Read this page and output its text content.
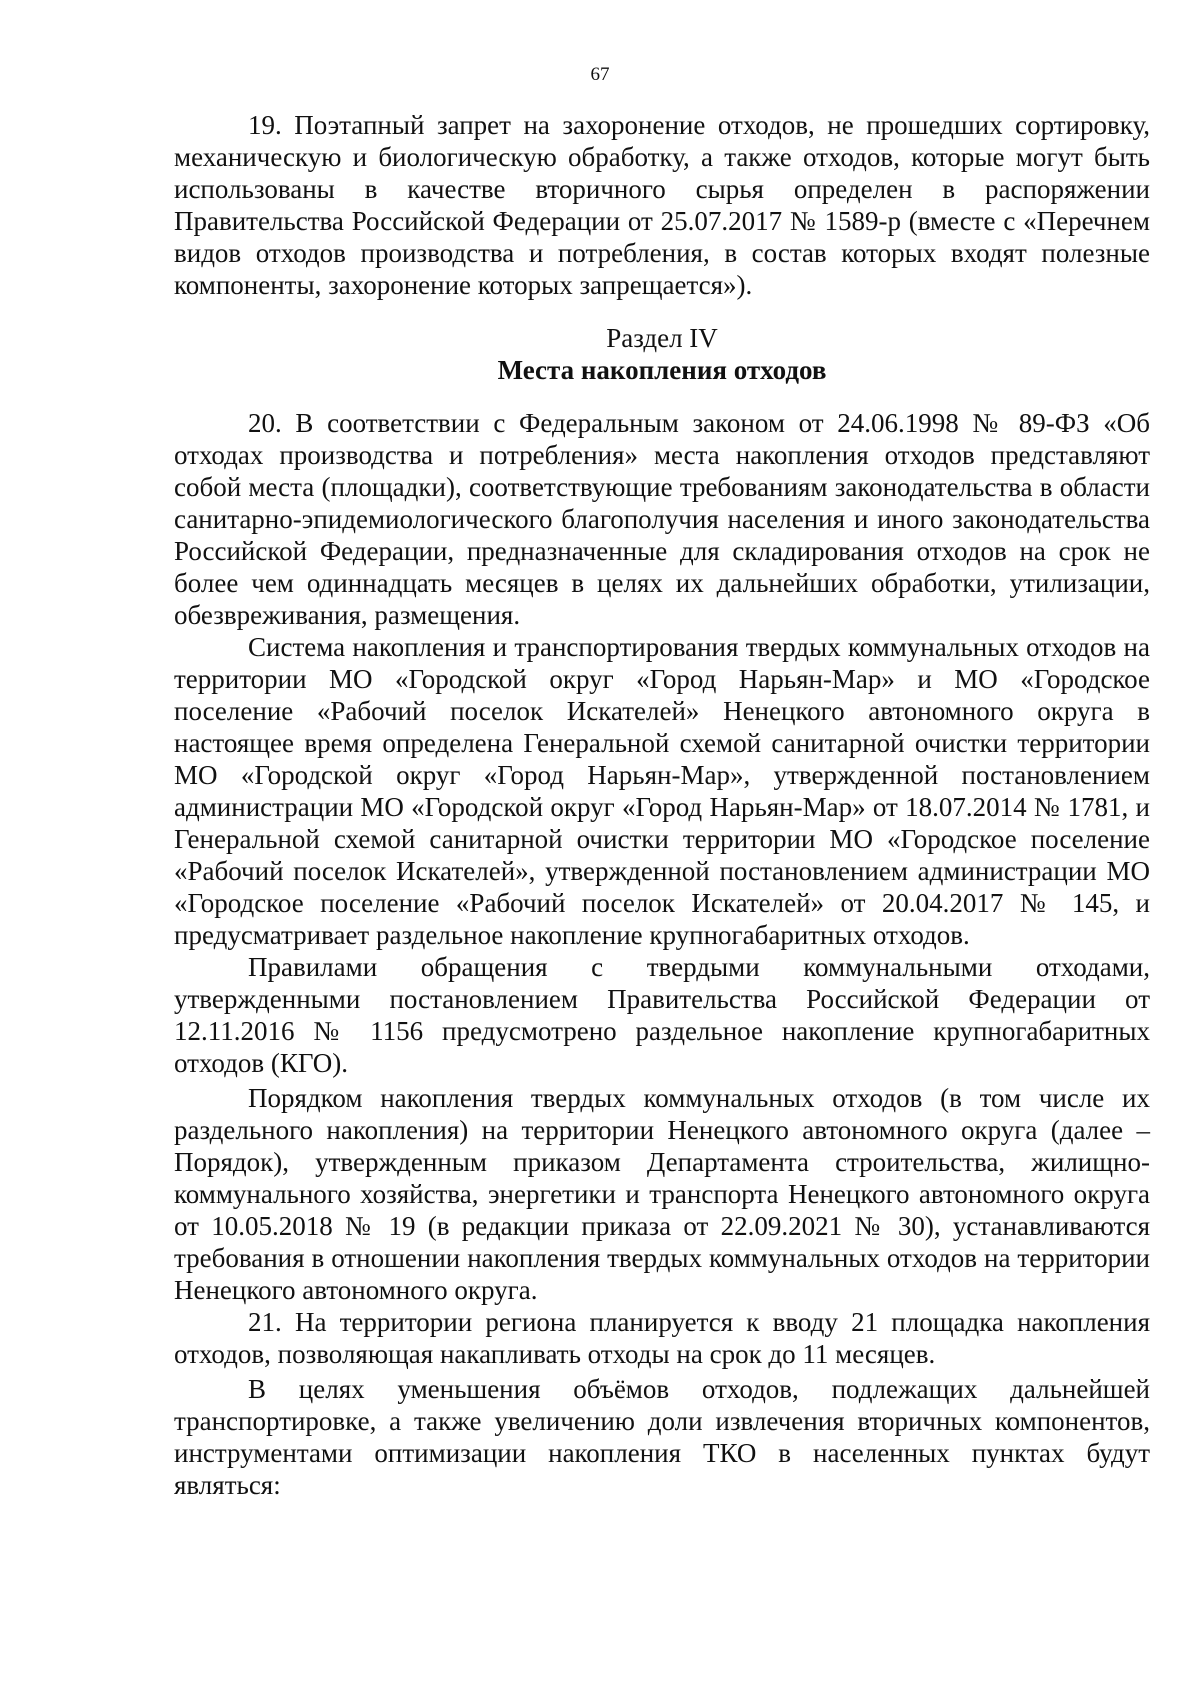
67

19. Поэтапный запрет на захоронение отходов, не прошедших сортировку, механическую и биологическую обработку, а также отходов, которые могут быть использованы в качестве вторичного сырья определен в распоряжении Правительства Российской Федерации от 25.07.2017 № 1589-р (вместе с «Перечнем видов отходов производства и потребления, в состав которых входят полезные компоненты, захоронение которых запрещается»).

Раздел IV
Места накопления отходов

20. В соответствии с Федеральным законом от 24.06.1998 № 89-ФЗ «Об отходах производства и потребления» места накопления отходов представляют собой места (площадки), соответствующие требованиям законодательства в области санитарно-эпидемиологического благополучия населения и иного законодательства Российской Федерации, предназначенные для складирования отходов на срок не более чем одиннадцать месяцев в целях их дальнейших обработки, утилизации, обезвреживания, размещения.

Система накопления и транспортирования твердых коммунальных отходов на территории МО «Городской округ «Город Нарьян-Мар» и МО «Городское поселение «Рабочий поселок Искателей» Ненецкого автономного округа в настоящее время определена Генеральной схемой санитарной очистки территории МО «Городской округ «Город Нарьян-Мар», утвержденной постановлением администрации МО «Городской округ «Город Нарьян-Мар» от 18.07.2014 № 1781, и Генеральной схемой санитарной очистки территории МО «Городское поселение «Рабочий поселок Искателей», утвержденной постановлением администрации МО «Городское поселение «Рабочий поселок Искателей» от 20.04.2017 № 145, и предусматривает раздельное накопление крупногабаритных отходов.

Правилами обращения с твердыми коммунальными отходами, утвержденными постановлением Правительства Российской Федерации от 12.11.2016 № 1156 предусмотрено раздельное накопление крупногабаритных отходов (КГО).

Порядком накопления твердых коммунальных отходов (в том числе их раздельного накопления) на территории Ненецкого автономного округа (далее – Порядок), утвержденным приказом Департамента строительства, жилищно-коммунального хозяйства, энергетики и транспорта Ненецкого автономного округа от 10.05.2018 № 19 (в редакции приказа от 22.09.2021 № 30), устанавливаются требования в отношении накопления твердых коммунальных отходов на территории Ненецкого автономного округа.

21. На территории региона планируется к вводу 21 площадка накопления отходов, позволяющая накапливать отходы на срок до 11 месяцев.

В целях уменьшения объёмов отходов, подлежащих дальнейшей транспортировке, а также увеличению доли извлечения вторичных компонентов, инструментами оптимизации накопления ТКО в населенных пунктах будут являться:
